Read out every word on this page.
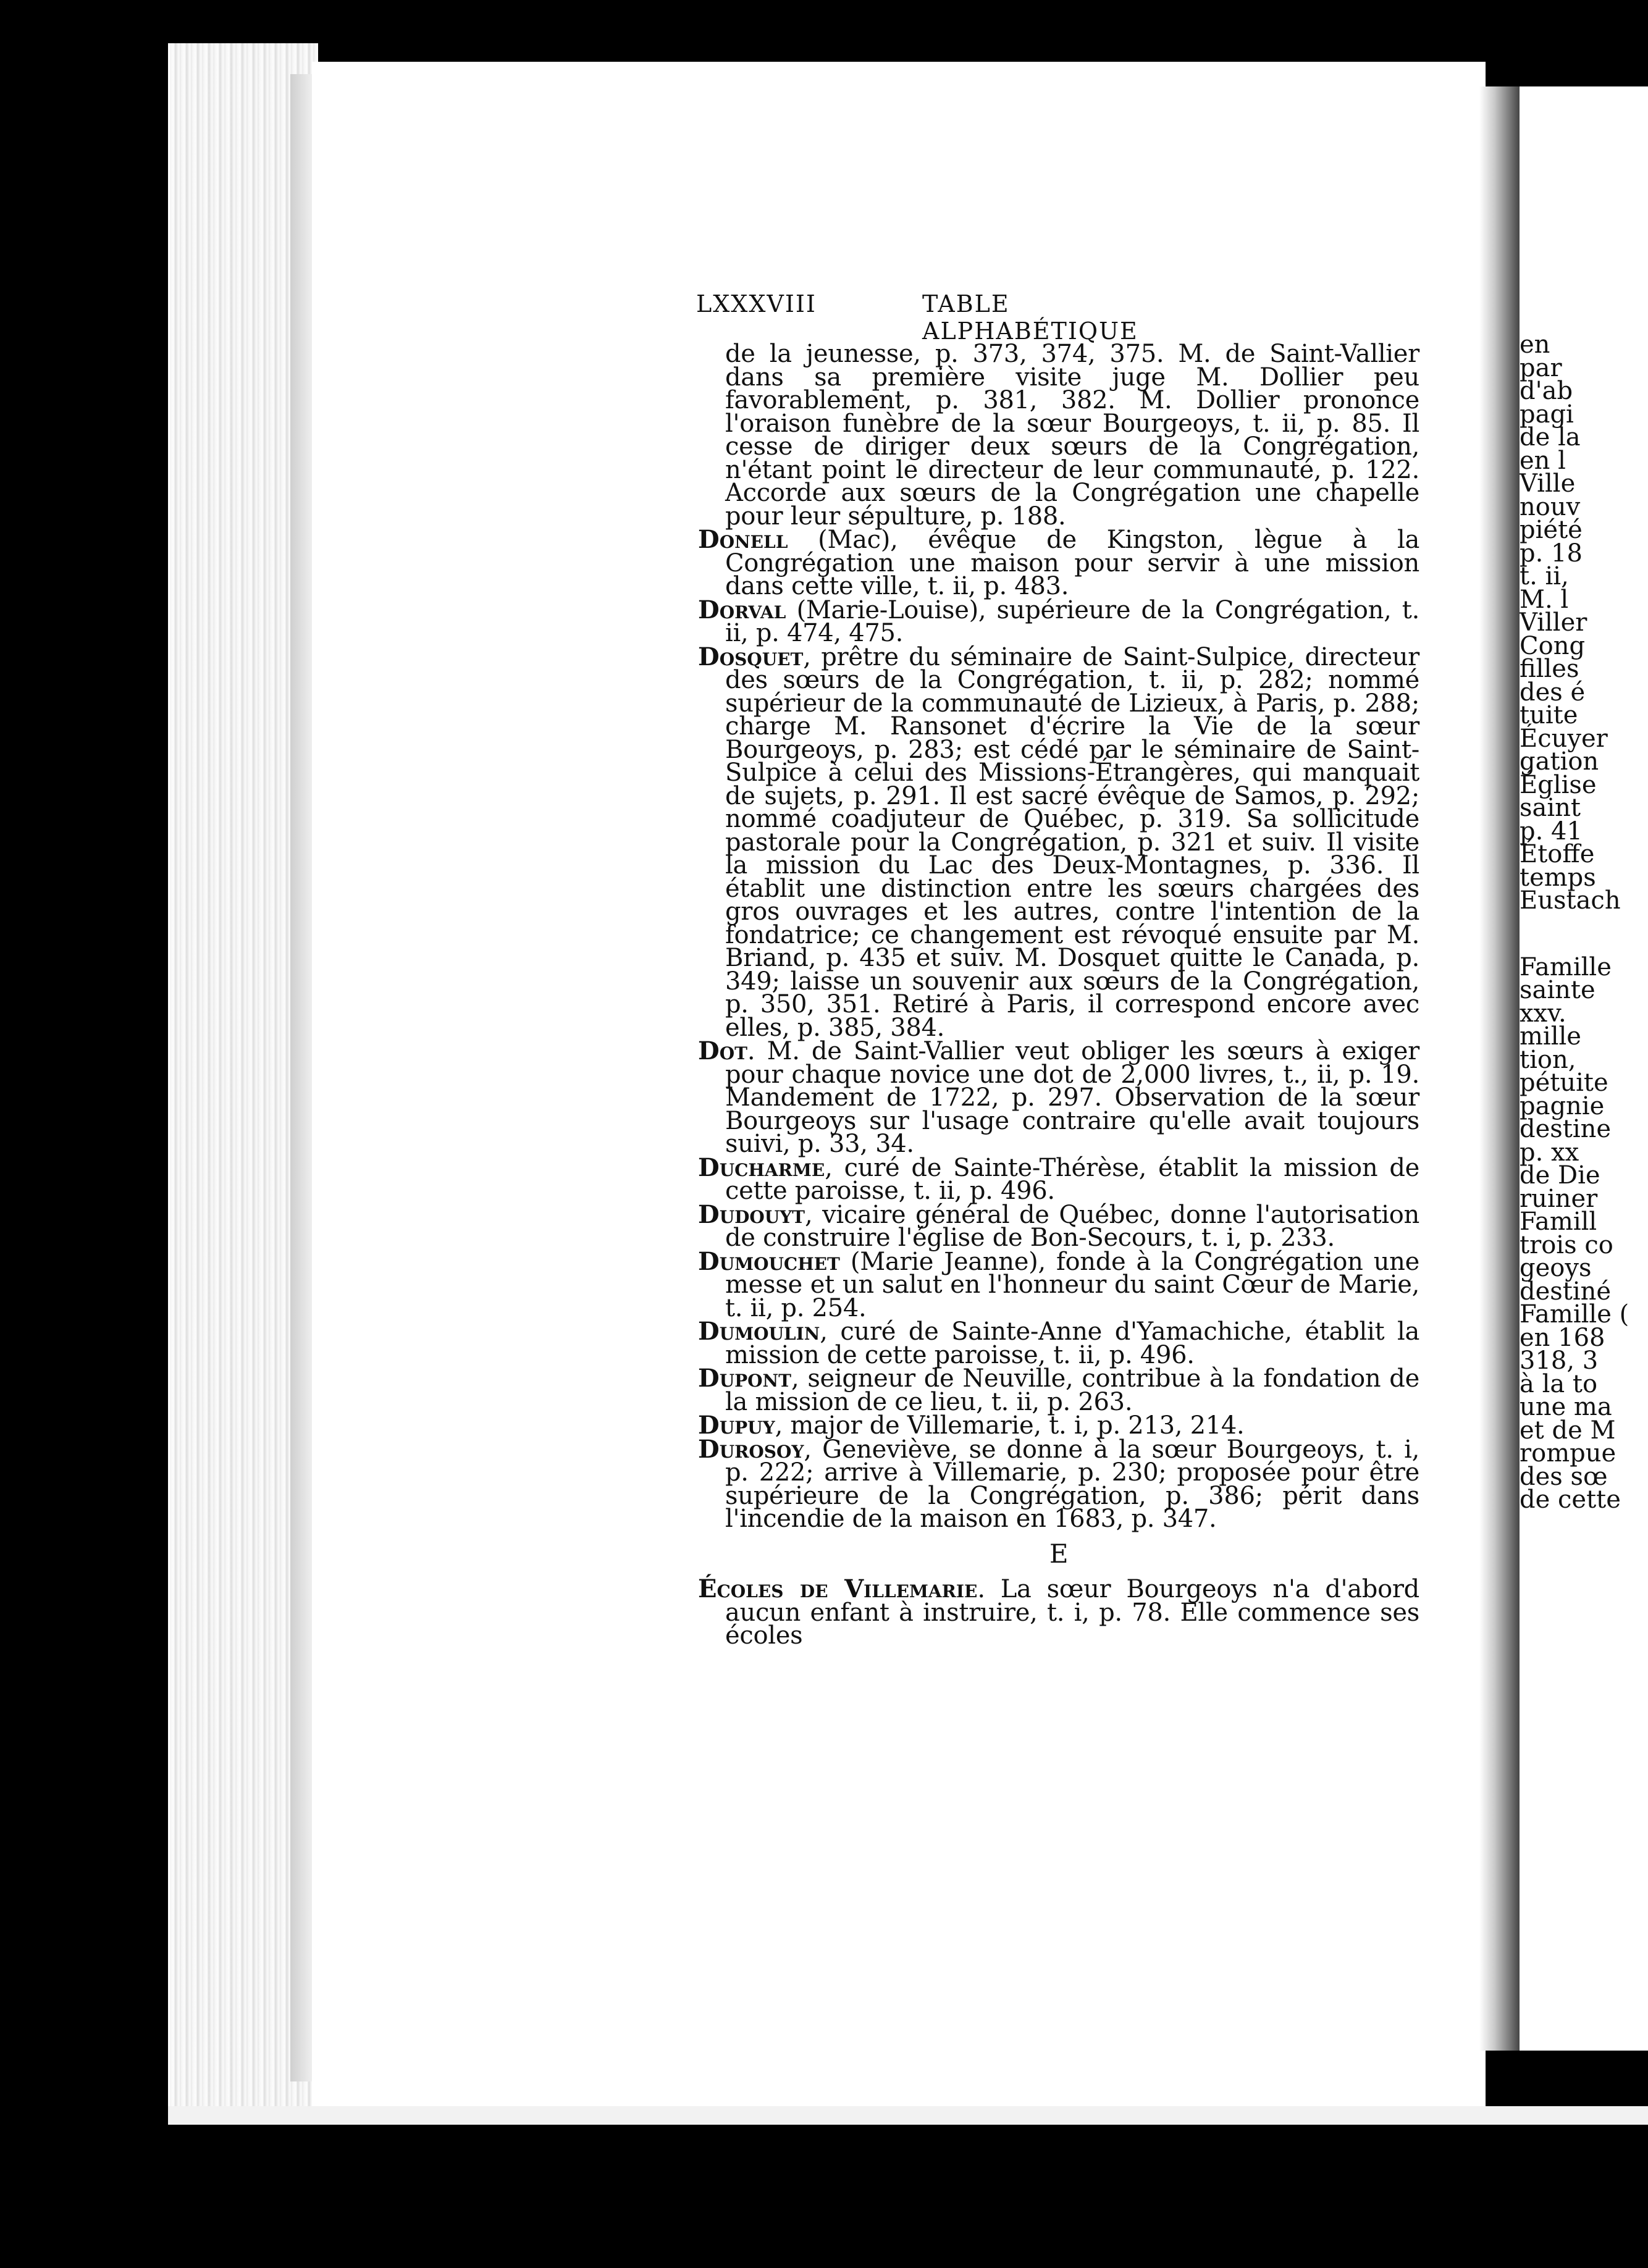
LXXXVIII	TABLE ALPHABÉTIQUE

de la jeunesse, p. 373, 374, 375. M. de Saint-Vallier dans sa première visite juge M. Dollier peu favorablement, p. 381, 382. M. Dollier prononce l'oraison funèbre de la sœur Bourgeoys, t. ii, p. 85. Il cesse de diriger deux sœurs de la Congrégation, n'étant point le directeur de leur communauté, p. 122. Accorde aux sœurs de la Congrégation une chapelle pour leur sépulture, p. 188.

Donell (Mac), évêque de Kingston, lègue à la Congrégation une maison pour servir à une mission dans cette ville, t. ii, p. 483.

Dorval (Marie-Louise), supérieure de la Congrégation, t. ii, p. 474, 475.

Dosquet, prêtre du séminaire de Saint-Sulpice, directeur des sœurs de la Congrégation, t. ii, p. 282; nommé supérieur de la communauté de Lizieux, à Paris, p. 288; charge M. Ransonet d'écrire la Vie de la sœur Bourgeoys, p. 283; est cédé par le séminaire de Saint-Sulpice à celui des Missions-Étrangères, qui manquait de sujets, p. 291. Il est sacré évêque de Samos, p. 292; nommé coadjuteur de Québec, p. 319. Sa sollicitude pastorale pour la Congrégation, p. 321 et suiv. Il visite la mission du Lac des Deux-Montagnes, p. 336. Il établit une distinction entre les sœurs chargées des gros ouvrages et les autres, contre l'intention de la fondatrice; ce changement est révoqué ensuite par M. Briand, p. 435 et suiv. M. Dosquet quitte le Canada, p. 349; laisse un souvenir aux sœurs de la Congrégation, p. 350, 351. Retiré à Paris, il correspond encore avec elles, p. 385, 384.

Dot. M. de Saint-Vallier veut obliger les sœurs à exiger pour chaque novice une dot de 2,000 livres, t., ii, p. 19. Mandement de 1722, p. 297. Observation de la sœur Bourgeoys sur l'usage contraire qu'elle avait toujours suivi, p. 33, 34.

Ducharme, curé de Sainte-Thérèse, établit la mission de cette paroisse, t. ii, p. 496.

Dudouyt, vicaire général de Québec, donne l'autorisation de construire l'église de Bon-Secours, t. i, p. 233.

Dumouchet (Marie Jeanne), fonde à la Congrégation une messe et un salut en l'honneur du saint Cœur de Marie, t. ii, p. 254.

Dumoulin, curé de Sainte-Anne d'Yamachiche, établit la mission de cette paroisse, t. ii, p. 496.

Dupont, seigneur de Neuville, contribue à la fondation de la mission de ce lieu, t. ii, p. 263.

Dupuy, major de Villemarie, t. i, p. 213, 214.

Durosoy, Geneviève, se donne à la sœur Bourgeoys, t. i, p. 222; arrive à Villemarie, p. 230; proposée pour être supérieure de la Congrégation, p. 386; périt dans l'incendie de la maison en 1683, p. 347.

E

Écoles de Villemarie. La sœur Bourgeoys n'a d'abord aucun enfant à instruire, t. i, p. 78. Elle commence ses écoles

en
par
d'ab
pagi
de la
en l
Ville
nouv
piété
p. 18
t. ii,
M. l
Viller
Cong
filles
des é
tuite
Écuyer
gation
Église
saint
p. 41
Étoffe
temps
Eustach
Famille
sainte
xxv.
mille
tion,
pétuite
pagnie
destine
p. xx
de Die
ruiner
Famill
trois co
geoys
destiné
Famille (
en 168
318, 3
à la to
une ma
et de M
rompue
des sœ
de cette
